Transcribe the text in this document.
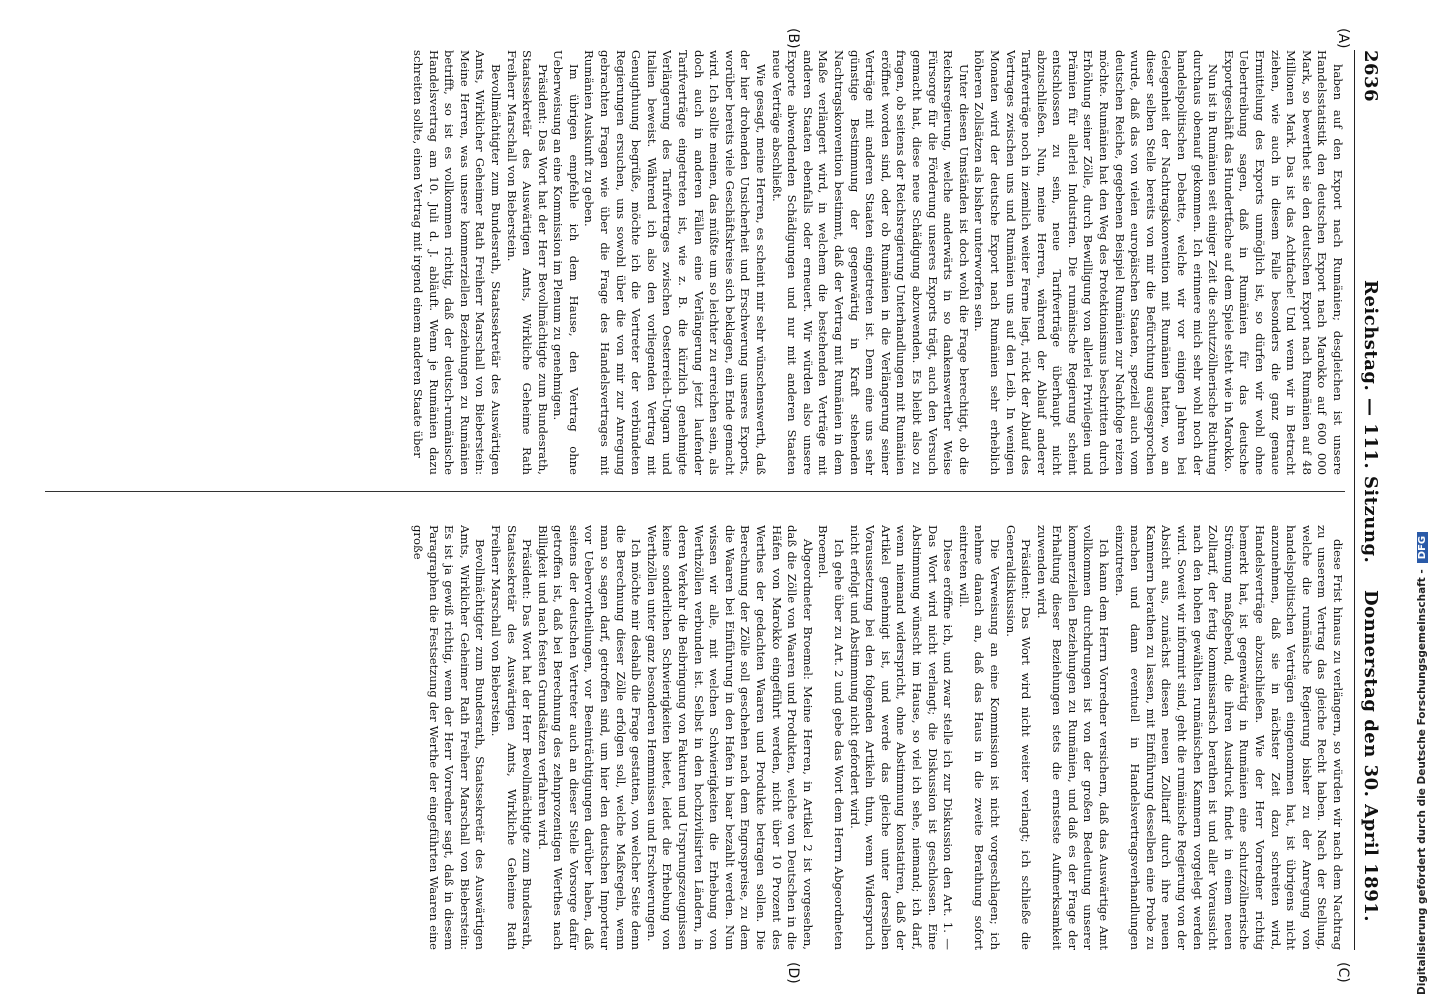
2636
Reichstag. — 111. Sitzung.
Donnerstag den 30. April 1891.
(A)
(B)
(C)
(D)

haben auf den Export nach Rumänien; desgleichen ist unsere Handelsstatistik den deutschen Export nach Marokko auf 600 000 Mark, so bewerthet sie den deutschen Export nach Rumänien auf 48 Millionen Mark. Das ist das Achtfache! Und wenn wir in Betracht ziehen, wie auch in diesem Falle besonders die ganz genaue Ermittelung des Exports unmöglich ist, so dürfen wir wohl ohne Uebertreibung sagen, daß in Rumänien für das deutsche Exportgeschäft das Hundertfache auf dem Spiele steht wie in Marokko.

Nun ist in Rumänien seit einiger Zeit die schutzzöllnerische Richtung durchaus obenauf gekommen. Ich erinnere mich sehr wohl noch der handelspolitischen Debatte, welche wir vor einigen Jahren bei Gelegenheit der Nachtragskonvention mit Rumänien hatten, wo an dieser selben Stelle bereits von mir die Befürchtung ausgesprochen wurde, daß das von vielen europäischen Staaten, speziell auch vom deutschen Reiche, gegebenen Beispiel Rumänien zur Nachfolge reizen möchte. Rumänien hat den Weg des Protektionismus beschritten durch Erhöhung seiner Zölle, durch Bewilligung von allerlei Privilegien und Prämien für allerlei Industrien. Die rumänische Regierung scheint entschlossen zu sein, neue Tarifverträge überhaupt nicht abzuschließen. Nun, meine Herren, während der Ablauf anderer Tarifverträge noch in ziemlich weiter Ferne liegt, rückt der Ablauf des Vertrages zwischen uns und Rumänien uns auf den Leib. In wenigen Monaten wird der deutsche Export nach Rumänien sehr erheblich höheren Zollsätzen als bisher unterworfen sein.

Unter diesen Umständen ist doch wohl die Frage berechtigt, ob die Reichsregierung, welche anderwärts in so dankenswerther Weise Fürsorge für die Förderung unseres Exports trägt, auch den Versuch gemacht hat, diese neue Schädigung abzuwenden. Es bleibt also zu fragen, ob seitens der Reichsregierung Unterhandlungen mit Rumänien eröffnet worden sind, oder ob Rumänien in die Verlängerung seiner Verträge mit anderen Staaten eingetreten ist. Denn eine uns sehr günstige Bestimmung der gegenwärtig in Kraft stehenden Nachtragskonvention bestimmt, daß der Vertrag mit Rumänien in dem Maße verlängert wird, in welchem die bestehenden Verträge mit anderen Staaten ebenfalls oder erneuert. Wir würden also unsere Exporte abwendenden Schädigungen und nur mit anderen Staaten neue Verträge abschließt.

Wie gesagt, meine Herren, es scheint mir sehr wünschenswerth, daß der hier drohenden Unsicherheit und Erschwerung unseres Exports, worüber bereits viele Geschäftskreise sich beklagen, ein Ende gemacht wird. Ich sollte meinen, das müßte um so leichter zu erreichen sein, als doch auch in anderen Fällen eine Verlängerung jetzt laufender Tarifverträge eingetreten ist, wie z. B. die kürzlich genehmigte Verlängerung des Tarifvertrages zwischen Oesterreich-Ungarn und Italien beweist. Während ich also den vorliegenden Vertrag mit Genugthuung begrüße, möchte ich die Vertreter der verbündeten Regierungen ersuchen, uns sowohl über die von mir zur Anregung gebrachten Fragen wie über die Frage des Handelsvertrages mit Rumänien Auskunft zu geben.

Im übrigen empfehle ich dem Hause, den Vertrag ohne Ueberweisung an eine Kommission im Plenum zu genehmigen.

Präsident: Das Wort hat der Herr Bevollmächtigte zum Bundesrath, Staatssekretär des Auswärtigen Amts, Wirkliche Geheime Rath Freiherr Marschall von Bieberstein.

Bevollmächtigter zum Bundesrath, Staatssekretär des Auswärtigen Amts, Wirklicher Geheimer Rath Freiherr Marschall von Bieberstein: Meine Herren, was unsere kommerziellen Beziehungen zu Rumänien betrifft, so ist es vollkommen richtig, daß der deutsch-rumänische Handelsvertrag am 10. Juli d. J. abläuft. Wenn je Rumänien dazu schreiten sollte, einen Vertrag mit irgend einem anderen Staate über

diese Frist hinaus zu verlängern, so würden wir nach dem Nachtrag zu unserem Vertrag das gleiche Recht haben. Nach der Stellung, welche die rumänische Regierung bisher zu der Anregung von handelspolitischen Verträgen eingenommen hat, ist übrigens nicht anzunehmen, daß sie in nächster Zeit dazu schreiten wird, Handelsverträge abzuschließen. Wie der Herr Vorredner richtig bemerkt hat, ist gegenwärtig in Rumänien eine schutzzöllnerische Strömung maßgebend, die ihren Ausdruck findet in einem neuen Zolltarif, der fertig kommissarisch berathen ist und aller Voraussicht nach den hohen gewählten rumänischen Kammern vorgelegt werden wird. Soweit wir informirt sind, geht die rumänische Regierung von der Absicht aus, zunächst diesen neuen Zolltarif durch ihre neuen Kammern berathen zu lassen, mit Einführung desselben eine Probe zu machen und dann eventuell in Handelsvertragsverhandlungen einzutreten.

Ich kann dem Herrn Vorredner versichern, daß das Auswärtige Amt vollkommen durchdrungen ist von der großen Bedeutung unserer kommerziellen Beziehungen zu Rumänien, und daß es der Frage der Erhaltung dieser Beziehungen stets die ernsteste Aufmerksamkeit zuwenden wird.

Präsident: Das Wort wird nicht weiter verlangt; ich schließe die Generaldiskussion.

Die Verweisung an eine Kommission ist nicht vorgeschlagen; ich nehme danach an, daß das Haus in die zweite Berathung sofort eintreten will.

Diese eröffne ich, und zwar stelle ich zur Diskussion den Art. 1. — Das Wort wird nicht verlangt; die Diskussion ist geschlossen. Eine Abstimmung wünscht im Hause, so viel ich sehe, niemand; ich darf, wenn niemand widerspricht, ohne Abstimmung konstatiren, daß der Artikel genehmigt ist, und werde das gleiche unter derselben Voraussetzung bei den folgenden Artikeln thun, wenn Widerspruch nicht erfolgt und Abstimmung nicht gefordert wird.

Ich gehe über zu Art. 2 und gebe das Wort dem Herrn Abgeordneten Broemel.

Abgeordneter Broemel: Meine Herren, in Artikel 2 ist vorgesehen, daß die Zölle von Waaren und Produkten, welche von Deutschen in die Häfen von Marokko eingeführt werden, nicht über 10 Prozent des Werthes der gedachten Waaren und Produkte betragen sollen. Die Berechnung der Zölle soll geschehen nach dem Engrospreise, zu dem die Waaren bei Einführung in den Hafen in baar bezahlt werden. Nun wissen wir alle, mit welchen Schwierigkeiten die Erhebung von Werthzöllen verbunden ist. Selbst in den hochzivilisirten Ländern, in deren Verkehr die Beibringung von Fakturen und Ursprungszeugnissen keine sonderlichen Schwierigkeiten bietet, leidet die Erhebung von Werthzöllen unter ganz besonderen Hemmnissen und Erschwerungen.

Ich möchte mir deshalb die Frage gestatten, von welcher Seite denn die Berechnung dieser Zölle erfolgen soll, welche Maßregeln, wenn man so sagen darf, getroffen sind, um hier den deutschen Importeur vor Uebervortheilungen, vor Beeinträchtigungen darüber haben, daß seitens der deutschen Vertreter auch an dieser Stelle Vorsorge dafür getroffen ist, daß bei Berechnung des zehnprozentigen Werthes nach Billigkeit und nach festen Grundsätzen verfahren wird.

Präsident: Das Wort hat der Herr Bevollmächtigte zum Bundesrath, Staatssekretär des Auswärtigen Amts, Wirkliche Geheime Rath Freiherr Marschall von Bieberstein.

Bevollmächtigter zum Bundesrath, Staatssekretär des Auswärtigen Amts, Wirklicher Geheimer Rath Freiherr Marschall von Bieberstein: Es ist ja gewiß richtig, wenn der Herr Vorredner sagt, daß in diesem Paragraphen die Festsetzung der Werthe der eingeführten Waaren eine große

Digitalisierung gefördert durch die Deutsche Forschungsgemeinschaft -DFG
